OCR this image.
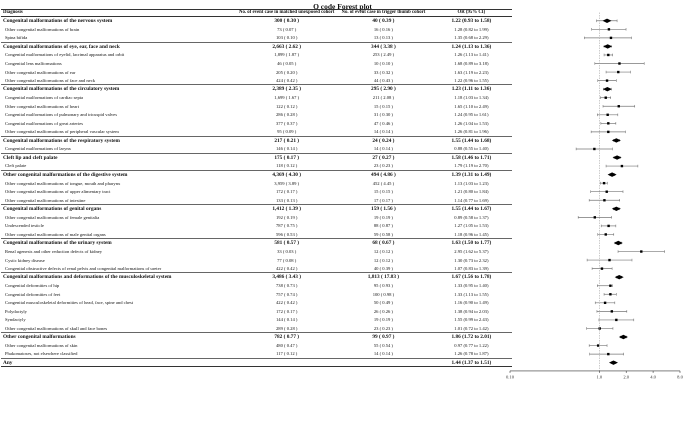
Q code Forest plot
Diagnosis	No. of event case in matched unexposed cohort	No. of event case in trigger thumb cohort	OR (95% CI)
Congenital malformations of the nervous system	300 ( 0.30 )	40 ( 0.39 )	1.22 (0.93 to 1.58)
Other congenital malformations of brain	73 ( 0.07 )	16 ( 0.16 )	1.28 (0.82 to 1.99)
Spina bifida	103 ( 0.10 )	13 ( 0.13 )	1.35 (0.68 to 2.29)
Congenital malformations of eye, ear, face and neck	2,663 ( 2.62 )	344 ( 3.38 )	1.24 (1.13 to 1.36)
Congenital malformations of eyelid, lacrimal apparatus and orbit	1,899 ( 1.87 )	253 ( 2.49 )	1.26 (1.13 to 1.41)
Congenital lens malformations	46 ( 0.05 )	10 ( 0.10 )	1.68 (0.89 to 3.18)
Other congenital malformations of ear	205 ( 0.20 )	33 ( 0.32 )	1.63 (1.19 to 2.23)
Other congenital malformations of face and neck	424 ( 0.42 )	44 ( 0.43 )	1.22 (0.96 to 1.55)
Congenital malformations of the circulatory system	2,389 ( 2.35 )	295 ( 2.90 )	1.23 (1.11 to 1.36)
Congenital malformations of cardiac septa	1,699 ( 1.67 )	211 ( 2.08 )	1.18 (1.03 to 1.34)
Other congenital malformations of heart	122 ( 0.12 )	15 ( 0.15 )	1.65 (1.10 to 2.49)
Congenital malformations of pulmonary and tricuspid valves	286 ( 0.28 )	31 ( 0.30 )	1.24 (0.95 to 1.61)
Congenital malformations of great arteries	377 ( 0.37 )	47 ( 0.46 )	1.26 (1.04 to 1.53)
Other congenital malformations of peripheral vascular system	95 ( 0.09 )	14 ( 0.14 )	1.26 (0.81 to 1.96)
Congenital malformations of the respiratory system	217 ( 0.21 )	24 ( 0.24 )	1.55 (1.44 to 1.68)
Congenital malformations of larynx	146 ( 0.14 )	14 ( 0.14 )	0.88 (0.55 to 1.40)
Cleft lip and cleft palate	175 ( 0.17 )	27 ( 0.27 )	1.58 (1.46 to 1.71)
Cleft palate	118 ( 0.12 )	23 ( 0.23 )	1.79 (1.19 to 2.70)
Other congenital malformations of the digestive system	4,369 ( 4.30 )	494 ( 4.86 )	1.39 (1.31 to 1.49)
Other congenital malformations of tongue, mouth and pharynx	3,959 ( 3.89 )	452 ( 4.45 )	1.13 (1.03 to 1.23)
Other congenital malformations of upper alimentary tract	172 ( 0.17 )	15 ( 0.15 )	1.21 (0.80 to 1.84)
Other congenital malformations of intestine	133 ( 0.13 )	17 ( 0.17 )	1.14 (0.77 to 1.69)
Congenital malformations of genital organs	1,412 ( 1.39 )	159 ( 1.56 )	1.55 (1.44 to 1.67)
Other congenital malformations of female genitalia	192 ( 0.19 )	19 ( 0.19 )	0.89 (0.58 to 1.37)
Undescended testicle	787 ( 0.75 )	88 ( 0.87 )	1.27 (1.05 to 1.53)
Other congenital malformations of male genital organs	596 ( 0.53 )	59 ( 0.58 )	1.18 (0.96 to 1.45)
Congenital malformations of the urinary system	581 ( 0.57 )	68 ( 0.67 )	1.63 (1.50 to 1.77)
Renal agenesis and other reduction defects of kidney	33 ( 0.03 )	12 ( 0.12 )	2.95 (1.62 to 5.37)
Cystic kidney disease	77 ( 0.08 )	12 ( 0.12 )	1.30 (0.73 to 2.32)
Congenital obstructive defects of renal pelvis and congenital malformations of ureter	422 ( 0.42 )	40 ( 0.39 )	1.07 (0.83 to 1.39)
Congenital malformations and deformations of the musculoskeletal system	3,486 ( 3.43 )	1,813 ( 17.83 )	1.67 (1.56 to 1.78)
Congenital deformities of hip	738 ( 0.73 )	95 ( 0.93 )	1.33 (0.95 to 1.40)
Congenital deformities of feet	757 ( 0.74 )	100 ( 0.98 )	1.33 (1.13 to 1.55)
Congenital musculoskeletal deformities of head, face, spine and chest	422 ( 0.42 )	50 ( 0.49 )	1.16 (0.90 to 1.49)
Polydactyly	172 ( 0.17 )	26 ( 0.26 )	1.38 (0.94 to 2.03)
Syndactyly	144 ( 0.14 )	19 ( 0.19 )	1.55 (0.99 to 2.43)
Other congenital malformations of skull and face bones	289 ( 0.28 )	23 ( 0.23 )	1.01 (0.72 to 1.42)
Other congenital malformations	782 ( 0.77 )	99 ( 0.97 )	1.86 (1.72 to 2.01)
Other congenital malformations of skin	480 ( 0.47 )	55 ( 0.54 )	0.97 (0.77 to 1.22)
Phakomatoses, not elsewhere classified	117 ( 0.12 )	14 ( 0.14 )	1.26 (0.78 to 1.87)
Any			1.44 (1.37 to 1.51)
0.10	1.0	2.0	4.0	8.0
